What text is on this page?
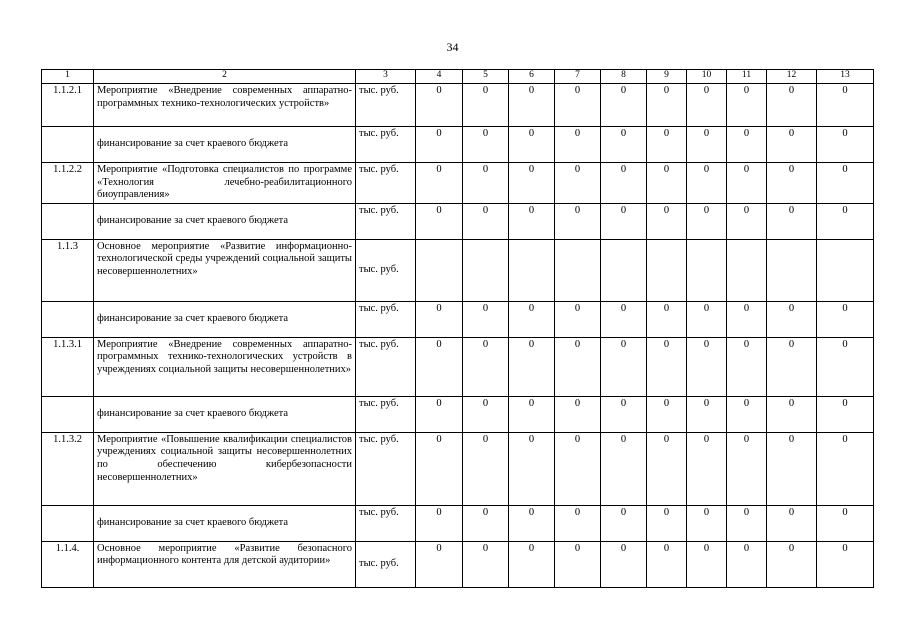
34
1	2	3	4	5	6	7	8	9	10	11	12	13
1.1.2.1	Мероприятие «Внедрение современных аппаратно-программных технико-технологических устройств»	тыс. руб.	0	0	0	0	0	0	0	0	0	0
	финансирование за счет краевого бюджета	тыс. руб.	0	0	0	0	0	0	0	0	0	0
1.1.2.2	Мероприятие «Подготовка специалистов по программе «Технология лечебно-реабилитационного биоуправления»	тыс. руб.	0	0	0	0	0	0	0	0	0	0
	финансирование за счет краевого бюджета	тыс. руб.	0	0	0	0	0	0	0	0	0	0
1.1.3	Основное мероприятие «Развитие информационно-технологической среды учреждений социальной защиты несовершеннолетних»	тыс. руб.										
	финансирование за счет краевого бюджета	тыс. руб.	0	0	0	0	0	0	0	0	0	0
1.1.3.1	Мероприятие «Внедрение современных аппаратно-программных технико-технологических устройств в учреждениях социальной защиты несовершеннолетних»	тыс. руб.	0	0	0	0	0	0	0	0	0	0
	финансирование за счет краевого бюджета	тыс. руб.	0	0	0	0	0	0	0	0	0	0
1.1.3.2	Мероприятие «Повышение квалификации специалистов учреждениях социальной защиты несовершеннолетних по обеспечению кибербезопасности несовершеннолетних»	тыс. руб.	0	0	0	0	0	0	0	0	0	0
	финансирование за счет краевого бюджета	тыс. руб.	0	0	0	0	0	0	0	0	0	0
1.1.4.	Основное мероприятие «Развитие безопасного информационного контента для детской аудитории»	тыс. руб.	0	0	0	0	0	0	0	0	0	0
